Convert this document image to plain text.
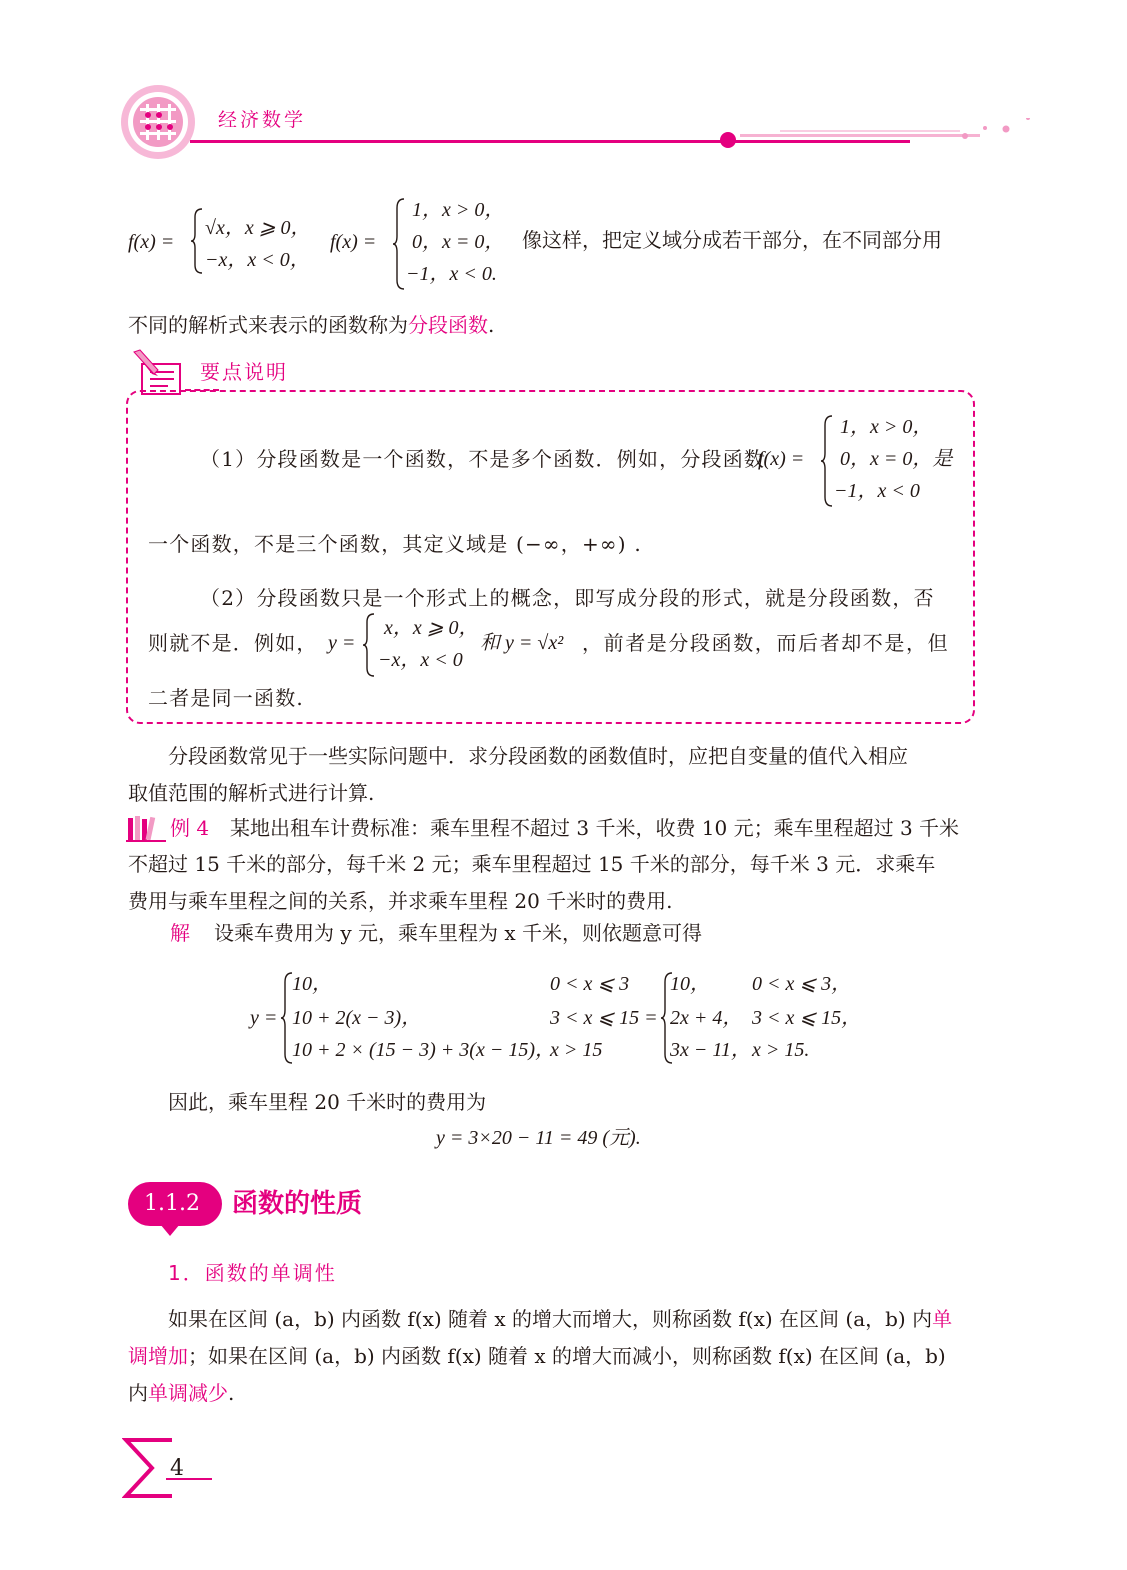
经济数学
f(x) =
√x，x ⩾ 0，
−x，x < 0，
f(x) =
1，x > 0，
0，x = 0，
−1，x < 0.
像这样，把定义域分成若干部分，在不同部分用
不同的解析式来表示的函数称为分段函数.
要点说明
（1）分段函数是一个函数，不是多个函数．例如，分段函数
f(x) =
1，x > 0，
0，x = 0，是
−1，x < 0
一个函数，不是三个函数，其定义域是 (−∞，+∞) .
（2）分段函数只是一个形式上的概念，即写成分段的形式，就是分段函数，否
则就不是．例如， y =
x，x ⩾ 0，
−x，x < 0
和 y = √x² ，前者是分段函数，而后者却不是，但
二者是同一函数.
分段函数常见于一些实际问题中．求分段函数的函数值时，应把自变量的值代入相应
取值范围的解析式进行计算.
例 4 某地出租车计费标准：乘车里程不超过 3 千米，收费 10 元；乘车里程超过 3 千米
不超过 15 千米的部分，每千米 2 元；乘车里程超过 15 千米的部分，每千米 3 元．求乘车
费用与乘车里程之间的关系，并求乘车里程 20 千米时的费用.
解 设乘车费用为 y 元，乘车里程为 x 千米，则依题意可得
y =
10，
10 + 2(x − 3)，
10 + 2 × (15 − 3) + 3(x − 15)，
0 < x ⩽ 3
3 < x ⩽ 15 =
x > 15
10，
2x + 4，
3x − 11，
0 < x ⩽ 3，
3 < x ⩽ 15，
x > 15.
因此，乘车里程 20 千米时的费用为
y = 3×20 − 11 = 49 (元).
1.1.2 函数的性质
1．函数的单调性
如果在区间 (a，b) 内函数 f(x) 随着 x 的增大而增大，则称函数 f(x) 在区间 (a，b) 内单
调增加；如果在区间 (a，b) 内函数 f(x) 随着 x 的增大而减小，则称函数 f(x) 在区间 (a，b)
内单调减少.
4
